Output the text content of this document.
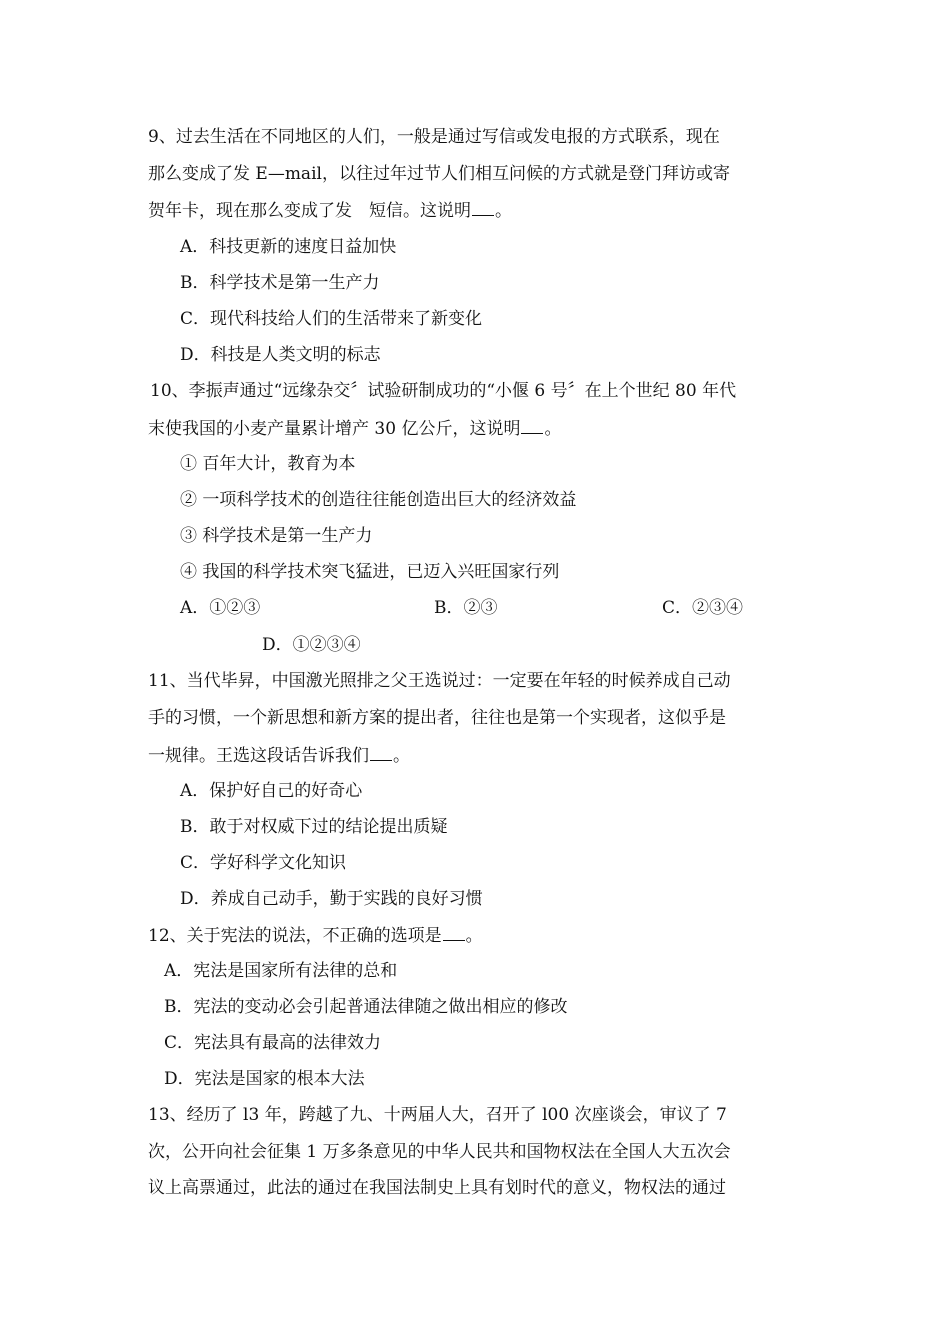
9、过去生活在不同地区的人们，一般是通过写信或发电报的方式联系，现在
那么变成了发 E—mail，以往过年过节人们相互问候的方式就是登门拜访或寄
贺年卡，现在那么变成了发　短信。这说明 。
A．科技更新的速度日益加快
B．科学技术是第一生产力
C．现代科技给人们的生活带来了新变化
D．科技是人类文明的标志
10、李振声通过“远缘杂交〞试验研制成功的“小偃 6 号〞在上个世纪 80 年代
末使我国的小麦产量累计增产 30 亿公斤，这说明 。
① 百年大计，教育为本
② 一项科学技术的创造往往能创造出巨大的经济效益
③ 科学技术是第一生产力
④ 我国的科学技术突飞猛进，已迈入兴旺国家行列
A．①②③	B．②③	C．②③④
D．①②③④
11、当代毕昇，中国激光照排之父王选说过：一定要在年轻的时候养成自己动
手的习惯，一个新思想和新方案的提出者，往往也是第一个实现者，这似乎是
一规律。王选这段话告诉我们 。
A．保护好自己的好奇心
B．敢于对权威下过的结论提出质疑
C．学好科学文化知识
D．养成自己动手，勤于实践的良好习惯
12、关于宪法的说法，不正确的选项是 。
A．宪法是国家所有法律的总和
B．宪法的变动必会引起普通法律随之做出相应的修改
C．宪法具有最高的法律效力
D．宪法是国家的根本大法
13、经历了 l3 年，跨越了九、十两届人大，召开了 l00 次座谈会，审议了 7
次，公开向社会征集 1 万多条意见的中华人民共和国物权法在全国人大五次会
议上高票通过，此法的通过在我国法制史上具有划时代的意义，物权法的通过
